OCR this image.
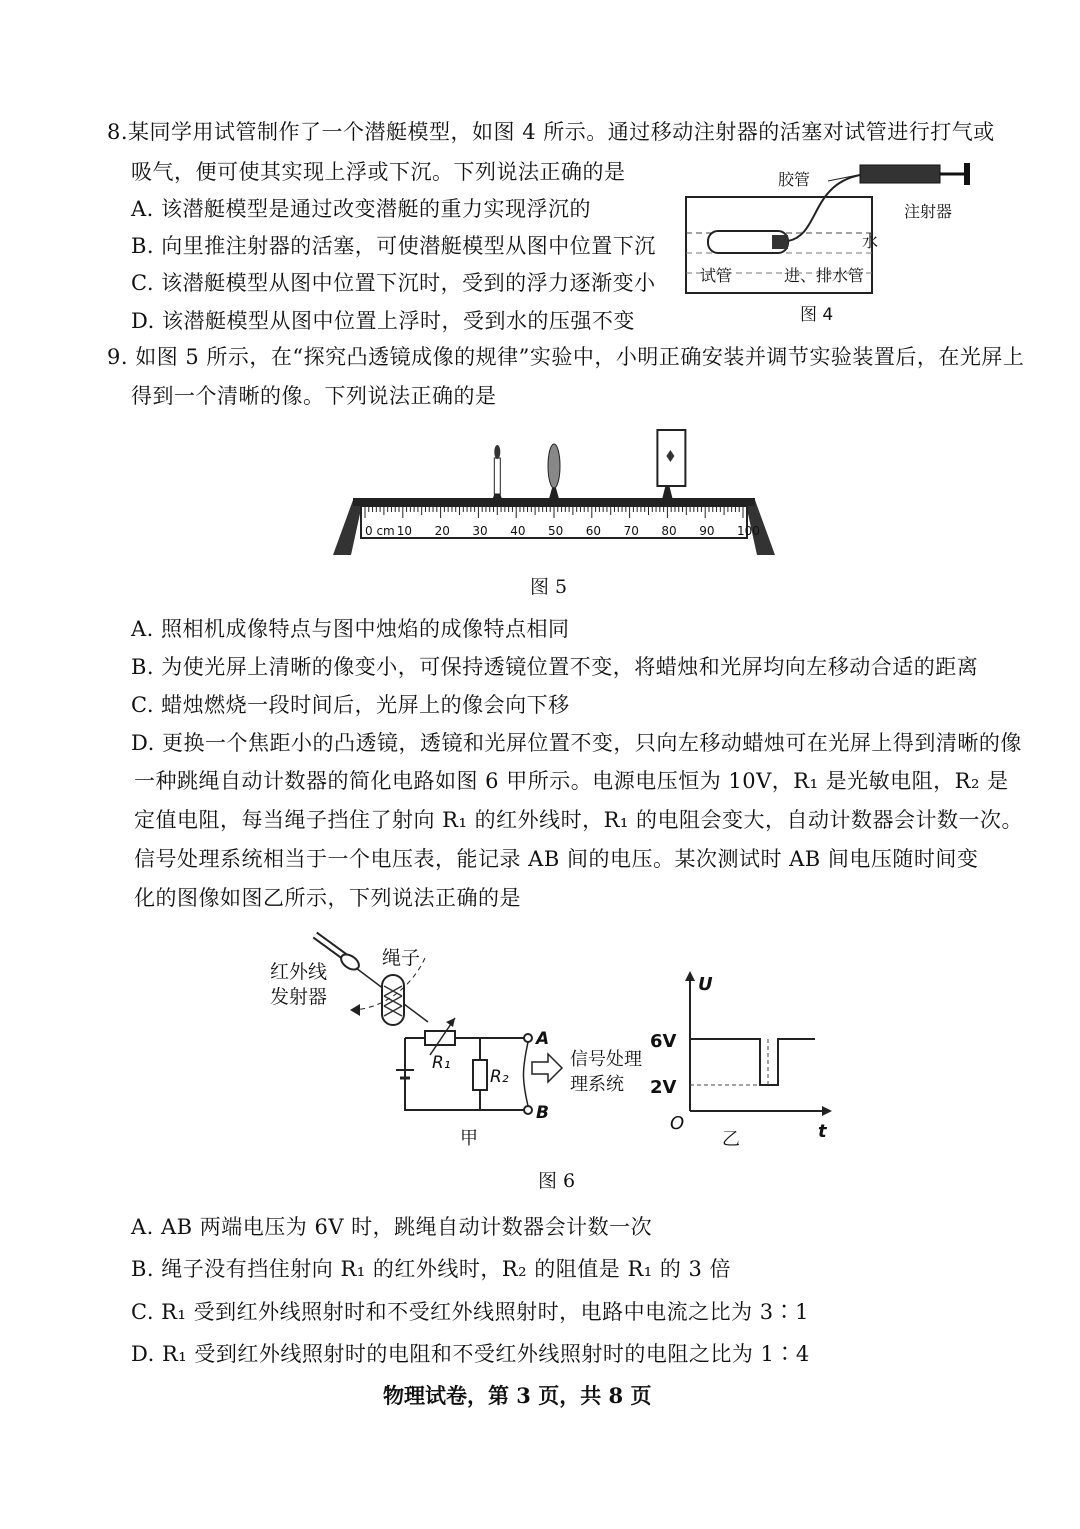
8.某同学用试管制作了一个潜艇模型，如图 4 所示。通过移动注射器的活塞对试管进行打气或
吸气，便可使其实现上浮或下沉。下列说法正确的是
A. 该潜艇模型是通过改变潜艇的重力实现浮沉的
B. 向里推注射器的活塞，可使潜艇模型从图中位置下沉
C. 该潜艇模型从图中位置下沉时，受到的浮力逐渐变小
D. 该潜艇模型从图中位置上浮时，受到水的压强不变
胶管
注射器
水
试管	进、排水管
图 4
9. 如图 5 所示，在“探究凸透镜成像的规律”实验中，小明正确安装并调节实验装置后，在光屏上
得到一个清晰的像。下列说法正确的是
0 cm 10 20 30 40 50 60 70 80 90 100
图 5
A. 照相机成像特点与图中烛焰的成像特点相同
B. 为使光屏上清晰的像变小，可保持透镜位置不变，将蜡烛和光屏均向左移动合适的距离
C. 蜡烛燃烧一段时间后，光屏上的像会向下移
D. 更换一个焦距小的凸透镜，透镜和光屏位置不变，只向左移动蜡烛可在光屏上得到清晰的像
一种跳绳自动计数器的简化电路如图 6 甲所示。电源电压恒为 10V，R₁ 是光敏电阻，R₂ 是
定值电阻，每当绳子挡住了射向 R₁ 的红外线时，R₁ 的电阻会变大，自动计数器会计数一次。
信号处理系统相当于一个电压表，能记录 AB 间的电压。某次测试时 AB 间电压随时间变
化的图像如图乙所示，下列说法正确的是
红外线
发射器
绳子
R₁
R₂
A
B
信号处理
理系统
甲
U
t
O
6V
2V
乙
图 6
A. AB 两端电压为 6V 时，跳绳自动计数器会计数一次
B. 绳子没有挡住射向 R₁ 的红外线时，R₂ 的阻值是 R₁ 的 3 倍
C. R₁ 受到红外线照射时和不受红外线照射时，电路中电流之比为 3∶1
D. R₁ 受到红外线照射时的电阻和不受红外线照射时的电阻之比为 1∶4
物理试卷，第 3 页，共 8 页
